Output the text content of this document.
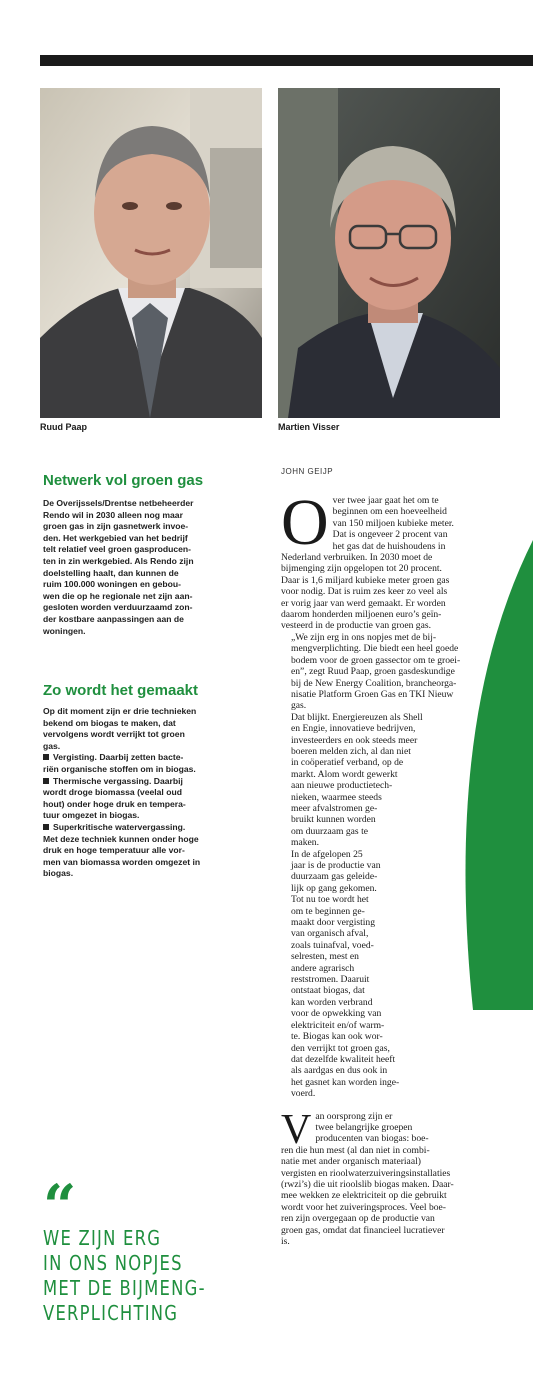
Ruud Paap	Martien Visser
Netwerk vol groen gas
De Overijssels/Drentse netbeheerder
Rendo wil in 2030 alleen nog maar
groen gas in zijn gasnetwerk invoe-
den. Het werkgebied van het bedrijf
telt relatief veel groen gasproducen-
ten in zin werkgebied. Als Rendo zijn
doelstelling haalt, dan kunnen de
ruim 100.000 woningen en gebou-
wen die op he regionale net zijn aan-
gesloten worden verduurzaamd zon-
der kostbare aanpassingen aan de
woningen.
Zo wordt het gemaakt
Op dit moment zijn er drie technieken
bekend om biogas te maken, dat
vervolgens wordt verrijkt tot groen
gas.
Vergisting. Daarbij zetten bacte-
riën organische stoffen om in biogas.
Thermische vergassing. Daarbij
wordt droge biomassa (veelal oud
hout) onder hoge druk en tempera-
tuur omgezet in biogas.
Superkritische watervergassing.
Met deze techniek kunnen onder hoge
druk en hoge temperatuur alle vor-
men van biomassa worden omgezet in
biogas.
“
WE ZIJN ERG
IN ONS NOPJES
MET DE BIJMENG-
VERPLICHTING
JOHN GEIJP

O ver twee jaar gaat het om te
beginnen om een hoeveelheid
van 150 miljoen kubieke meter.
Dat is ongeveer 2 procent van
het gas dat de huishoudens in
Nederland verbruiken. In 2030 moet de
bijmenging zijn opgelopen tot 20 procent.
Daar is 1,6 miljard kubieke meter groen gas
voor nodig. Dat is ruim zes keer zo veel als
er vorig jaar van werd gemaakt. Er worden
daarom honderden miljoenen euro’s geïn-
vesteerd in de productie van groen gas.

„We zijn erg in ons nopjes met de bij-
mengverplichting. Die biedt een heel goede
bodem voor de groen gassector om te groei-
en”, zegt Ruud Paap, groen gasdeskundige
bij de New Energy Coalition, brancheorga-
nisatie Platform Groen Gas en TKI Nieuw
gas.

Dat blijkt. Energiereuzen als Shell
en Engie, innovatieve bedrijven,
investeerders en ook steeds meer
boeren melden zich, al dan niet
in coöperatief verband, op de
markt. Alom wordt gewerkt
aan nieuwe productietech-
nieken, waarmee steeds
meer afvalstromen ge-
bruikt kunnen worden
om duurzaam gas te
maken.

In de afgelopen 25
jaar is de productie van
duurzaam gas geleide-
lijk op gang gekomen.
Tot nu toe wordt het
om te beginnen ge-
maakt door vergisting
van organisch afval,
zoals tuinafval, voed-
selresten, mest en
andere agrarisch
reststromen. Daaruit
ontstaat biogas, dat
kan worden verbrand
voor de opwekking van
elektriciteit en/of warm-
te. Biogas kan ook wor-
den verrijkt tot groen gas,
dat dezelfde kwaliteit heeft
als aardgas en dus ook in
het gasnet kan worden inge-
voerd.

V an oorsprong zijn er
twee belangrijke groepen
producenten van biogas: boe-
ren die hun mest (al dan niet in combi-
natie met ander organisch materiaal)
vergisten en rioolwaterzuiveringsinstallaties
(rwzi’s) die uit rioolslib biogas maken. Daar-
mee wekken ze elektriciteit op die gebruikt
wordt voor het zuiveringsproces. Veel boe-
ren zijn overgegaan op de productie van
groen gas, omdat dat financieel lucratiever
is.
